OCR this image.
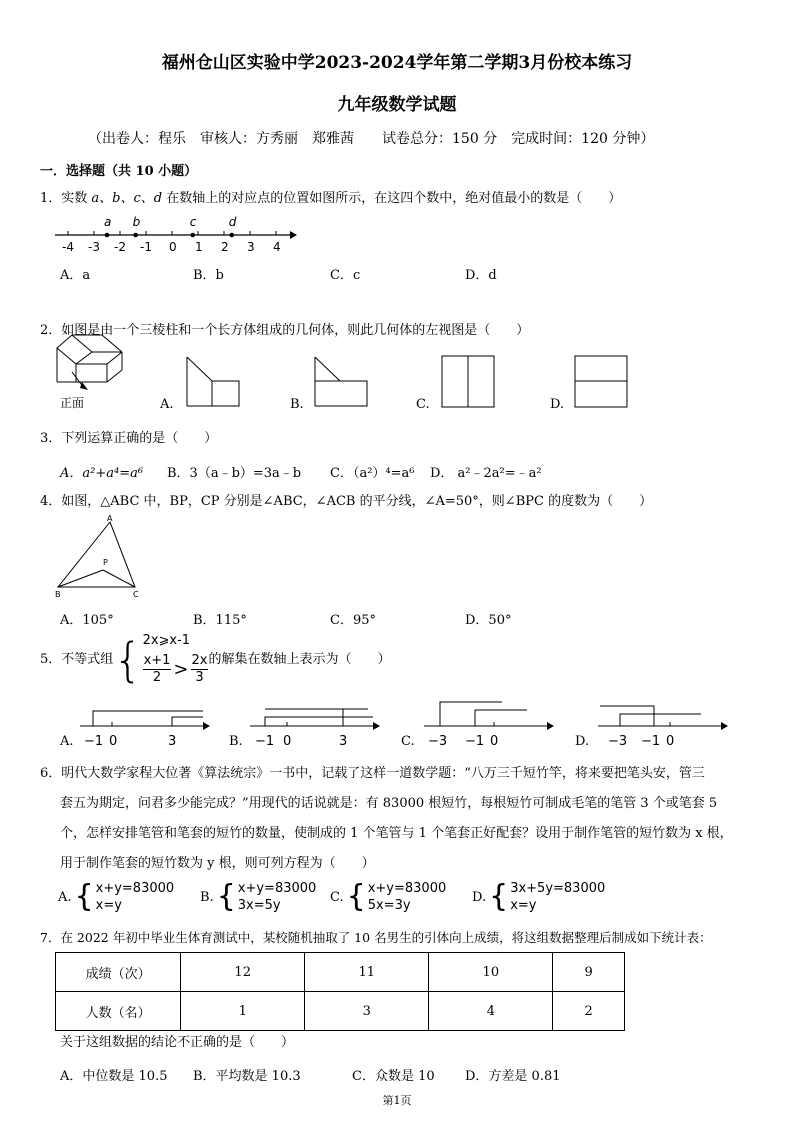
福州仓山区实验中学2023-2024学年第二学期3月份校本练习
九年级数学试题
（出卷人：程乐　审核人：方秀丽　郑雅茜　　试卷总分：150 分　完成时间：120 分钟）
一．选择题（共 10 小题）
1．实数 a、b、c、d 在数轴上的对应点的位置如图所示，在这四个数中，绝对值最小的数是（　　）
-4 -3 -2 -1 0 1 2 3 4
a b	c	d
A．a	B．b	C．c	D．d
2．如图是由一个三棱柱和一个长方体组成的几何体，则此几何体的左视图是（　　）
正面	A.	B.	C.	D.
3．下列运算正确的是（　　）
A．a²+a⁴=a⁶ B．3（a﹣b）=3a﹣b C．（a²）⁴=a⁶ D． a²﹣2a²=﹣a²
4．如图，△ABC 中，BP，CP 分别是∠ABC，∠ACB 的平分线，∠A=50°，则∠BPC 的度数为（　　）
A
P
B	C
A．105°	B．115°	C．95°	D．50°
5．不等式组 { 2x⩾x-1
x+1
2 > 2x
3
的解集在数轴上表示为（　　）
A. −1 0	3	B. −1 0	3	C. −3 −1 0	D. −3 −1 0
6．明代大数学家程大位著《算法统宗》一书中，记载了这样一道数学题：“八万三千短竹竿，将来要把笔头安，管三
套五为期定，问君多少能完成？”用现代的话说就是：有 83000 根短竹，每根短竹可制成毛笔的笔管 3 个或笔套 5
个，怎样安排笔管和笔套的短竹的数量，使制成的 1 个笔管与 1 个笔套正好配套？设用于制作笔管的短竹数为 x 根，
用于制作笔套的短竹数为 y 根，则可列方程为（　　）
A. { x+y=83000
x=y
B. { x+y=83000
3x=5y
C. { x+y=83000
5x=3y
D. { 3x+5y=83000
x=y
7．在 2022 年初中毕业生体育测试中，某校随机抽取了 10 名男生的引体向上成绩，将这组数据整理后制成如下统计表：
成绩（次）	12	11	10	9
人数（名）	1	3	4	2
关于这组数据的结论不正确的是（　　）
A．中位数是 10.5 B．平均数是 10.3	C．众数是 10 D．方差是 0.81
第1页
